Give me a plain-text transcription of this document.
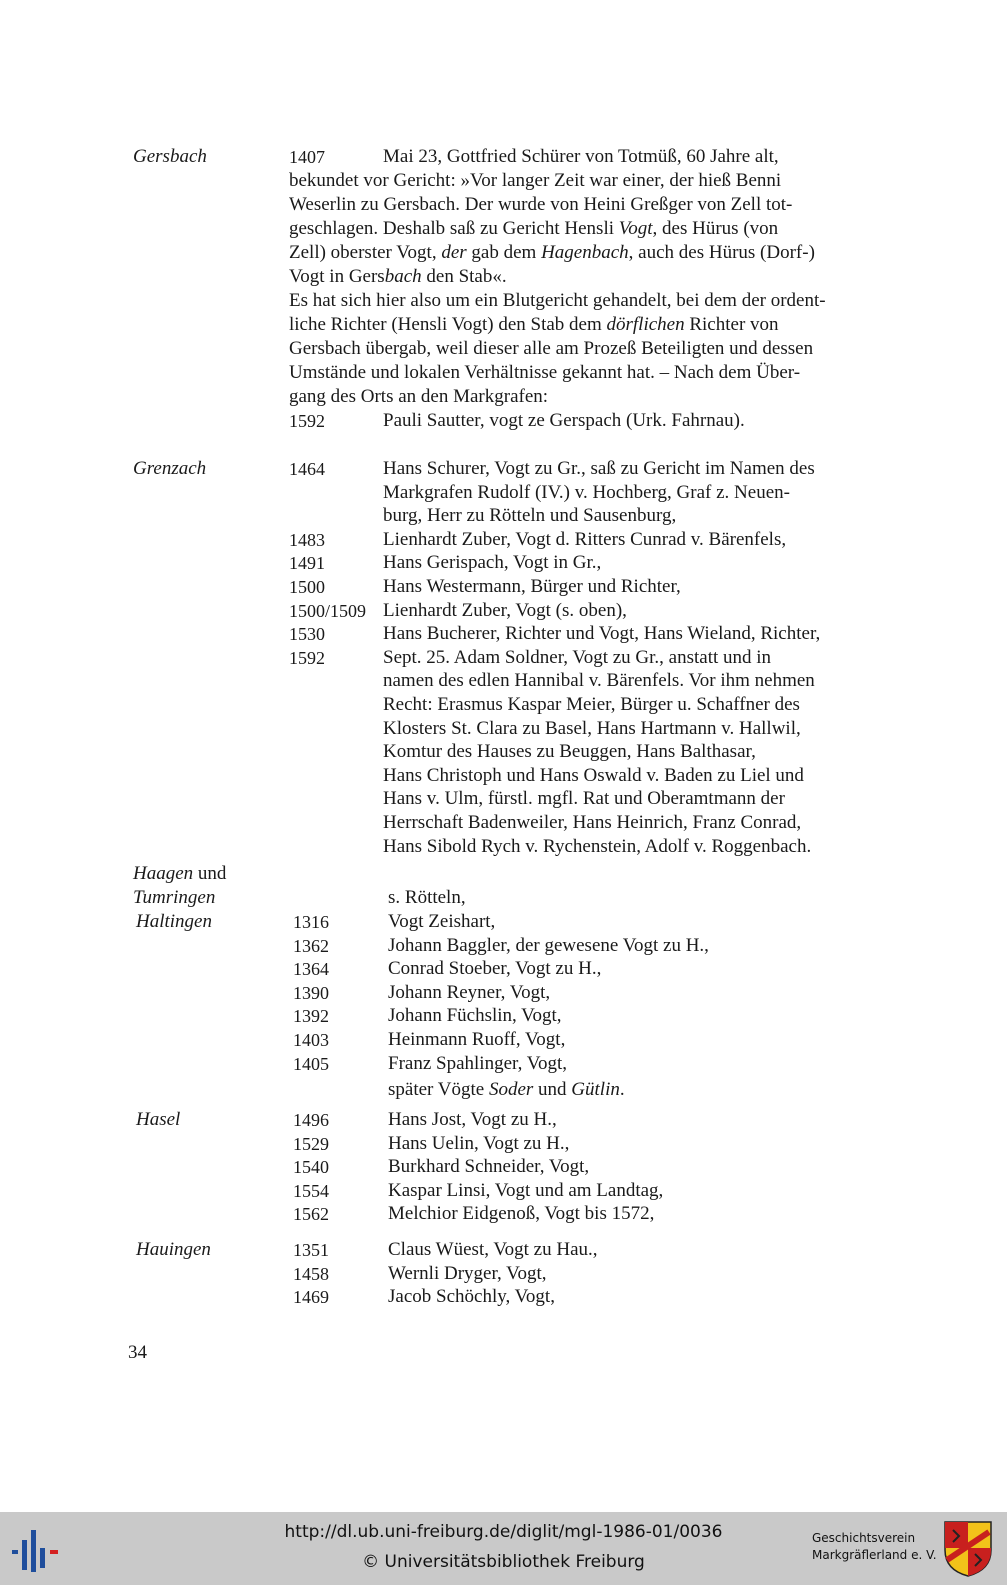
Gersbach	1407	Mai 23, Gottfried Schürer von Totmüß, 60 Jahre alt,
bekundet vor Gericht: »Vor langer Zeit war einer, der hieß Benni
Weserlin zu Gersbach. Der wurde von Heini Greßger von Zell tot-
geschlagen. Deshalb saß zu Gericht Hensli Vogt, des Hürus (von
Zell) oberster Vogt, der gab dem Hagenbach, auch des Hürus (Dorf-)
Vogt in Gersbach den Stab«.
Es hat sich hier also um ein Blutgericht gehandelt, bei dem der ordent-
liche Richter (Hensli Vogt) den Stab dem dörflichen Richter von
Gersbach übergab, weil dieser alle am Prozeß Beteiligten und dessen
Umstände und lokalen Verhältnisse gekannt hat. – Nach dem Über-
gang des Orts an den Markgrafen:
1592	Pauli Sautter, vogt ze Gerspach (Urk. Fahrnau).
Grenzach	1464	Hans Schurer, Vogt zu Gr., saß zu Gericht im Namen des
Markgrafen Rudolf (IV.) v. Hochberg, Graf z. Neuen-
burg, Herr zu Rötteln und Sausenburg,
1483	Lienhardt Zuber, Vogt d. Ritters Cunrad v. Bärenfels,
1491	Hans Gerispach, Vogt in Gr.,
1500	Hans Westermann, Bürger und Richter,
1500/1509 Lienhardt Zuber, Vogt (s. oben),
1530	Hans Bucherer, Richter und Vogt, Hans Wieland, Richter,
1592	Sept. 25. Adam Soldner, Vogt zu Gr., anstatt und in
namen des edlen Hannibal v. Bärenfels. Vor ihm nehmen
Recht: Erasmus Kaspar Meier, Bürger u. Schaffner des
Klosters St. Clara zu Basel, Hans Hartmann v. Hallwil,
Komtur des Hauses zu Beuggen, Hans Balthasar,
Hans Christoph und Hans Oswald v. Baden zu Liel und
Hans v. Ulm, fürstl. mgfl. Rat und Oberamtmann der
Herrschaft Badenweiler, Hans Heinrich, Franz Conrad,
Hans Sibold Rych v. Rychenstein, Adolf v. Roggenbach.
Haagen und
Tumringen	s. Rötteln,
Haltingen	1316	Vogt Zeishart,
1362	Johann Baggler, der gewesene Vogt zu H.,
1364	Conrad Stoeber, Vogt zu H.,
1390	Johann Reyner, Vogt,
1392	Johann Füchslin, Vogt,
1403	Heinmann Ruoff, Vogt,
1405	Franz Spahlinger, Vogt,
später Vögte Soder und Gütlin.
Hasel	1496	Hans Jost, Vogt zu H.,
1529	Hans Uelin, Vogt zu H.,
1540	Burkhard Schneider, Vogt,
1554	Kaspar Linsi, Vogt und am Landtag,
1562	Melchior Eidgenoß, Vogt bis 1572,
Hauingen	1351	Claus Wüest, Vogt zu Hau.,
1458	Wernli Dryger, Vogt,
1469	Jacob Schöchly, Vogt,
34
http://dl.ub.uni-freiburg.de/diglit/mgl-1986-01/0036
© Universitätsbibliothek Freiburg
Geschichtsverein
Markgräflerland e. V.
